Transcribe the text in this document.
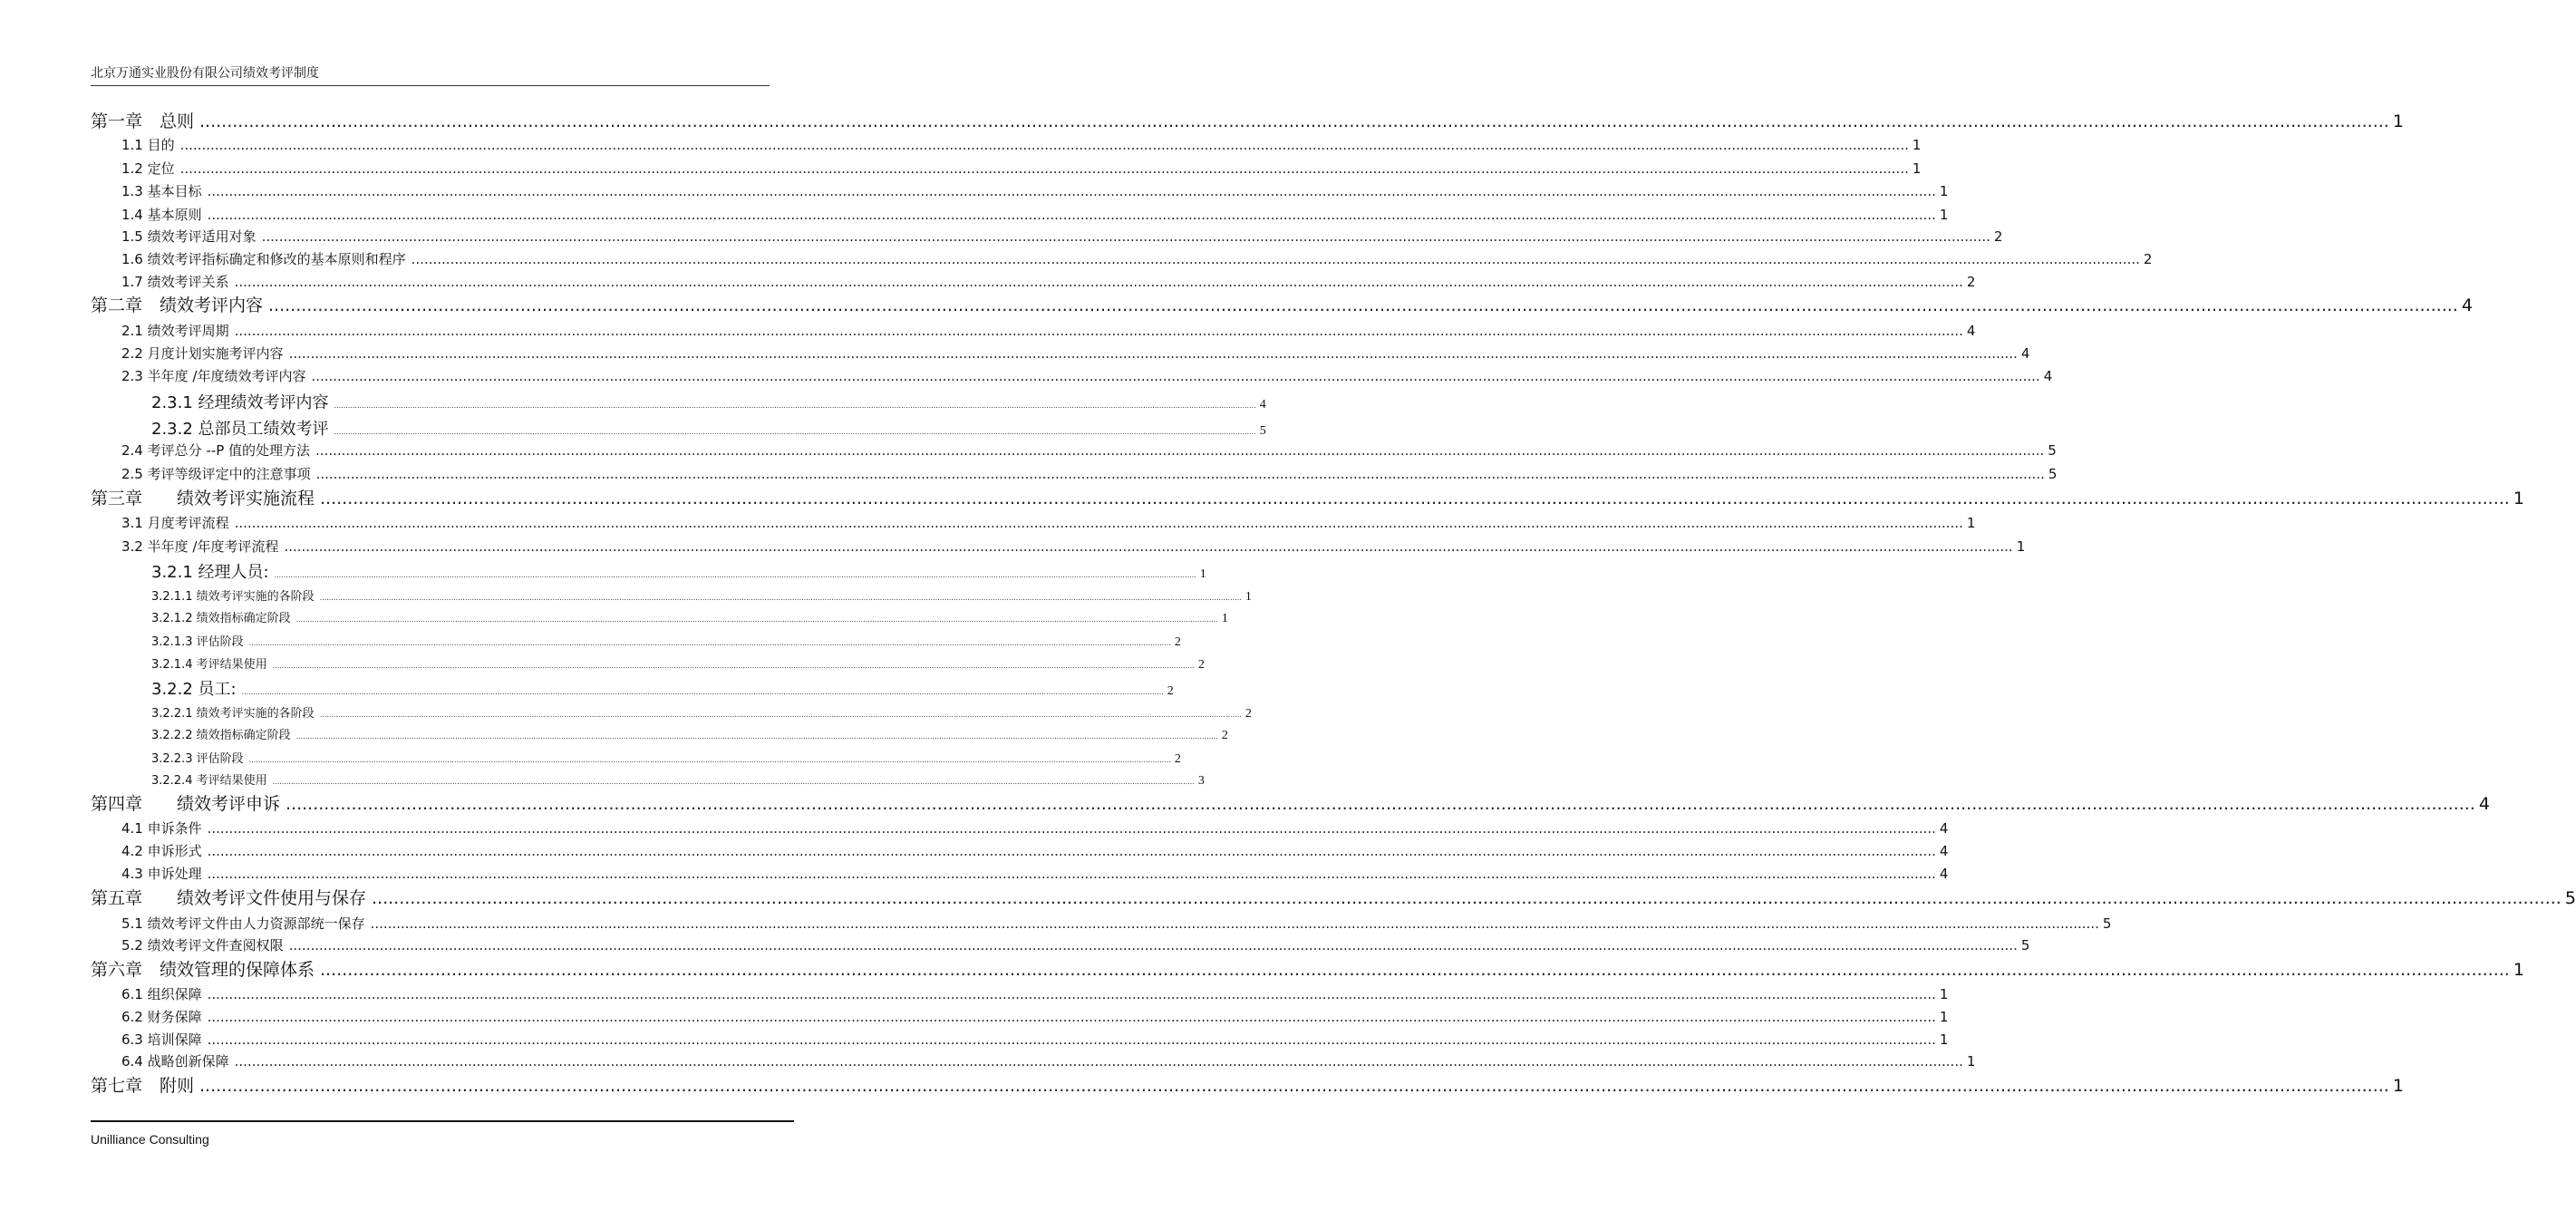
北京万通实业股份有限公司绩效考评制度
第一章　总则 ................................................................................................................................................................................................................................................................................................................................................................................................................ 1
1.1 目的 ................................................................................................................................................................................................................................................................................................................................................................................................................ 1
1.2 定位 ................................................................................................................................................................................................................................................................................................................................................................................................................ 1
1.3 基本目标 ................................................................................................................................................................................................................................................................................................................................................................................................................ 1
1.4 基本原则 ................................................................................................................................................................................................................................................................................................................................................................................................................ 1
1.5 绩效考评适用对象 ................................................................................................................................................................................................................................................................................................................................................................................................................ 2
1.6 绩效考评指标确定和修改的基本原则和程序 ................................................................................................................................................................................................................................................................................................................................................................................................................ 2
1.7 绩效考评关系 ................................................................................................................................................................................................................................................................................................................................................................................................................ 2
第二章　绩效考评内容 ................................................................................................................................................................................................................................................................................................................................................................................................................ 4
2.1 绩效考评周期 ................................................................................................................................................................................................................................................................................................................................................................................................................ 4
2.2 月度计划实施考评内容 ................................................................................................................................................................................................................................................................................................................................................................................................................ 4
2.3 半年度 /年度绩效考评内容 ................................................................................................................................................................................................................................................................................................................................................................................................................ 4
2.3.1 经理绩效考评内容 ................................................................................................................................................................................................................................................................................................................................................................................................................ 4
2.3.2 总部员工绩效考评 ................................................................................................................................................................................................................................................................................................................................................................................................................ 5
2.4 考评总分 --P 值的处理方法 ................................................................................................................................................................................................................................................................................................................................................................................................................ 5
2.5 考评等级评定中的注意事项 ................................................................................................................................................................................................................................................................................................................................................................................................................ 5
第三章　　绩效考评实施流程 ................................................................................................................................................................................................................................................................................................................................................................................................................ 1
3.1 月度考评流程 ................................................................................................................................................................................................................................................................................................................................................................................................................ 1
3.2 半年度 /年度考评流程 ................................................................................................................................................................................................................................................................................................................................................................................................................ 1
3.2.1 经理人员: ................................................................................................................................................................................................................................................................................................................................................................................................................ 1
3.2.1.1 绩效考评实施的各阶段 ................................................................................................................................................................................................................................................................................................................................................................................................................ 1
3.2.1.2 绩效指标确定阶段 ................................................................................................................................................................................................................................................................................................................................................................................................................ 1
3.2.1.3 评估阶段 ................................................................................................................................................................................................................................................................................................................................................................................................................ 2
3.2.1.4 考评结果使用 ................................................................................................................................................................................................................................................................................................................................................................................................................ 2
3.2.2 员工: ................................................................................................................................................................................................................................................................................................................................................................................................................ 2
3.2.2.1 绩效考评实施的各阶段 ................................................................................................................................................................................................................................................................................................................................................................................................................ 2
3.2.2.2 绩效指标确定阶段 ................................................................................................................................................................................................................................................................................................................................................................................................................ 2
3.2.2.3 评估阶段 ................................................................................................................................................................................................................................................................................................................................................................................................................ 2
3.2.2.4 考评结果使用 ................................................................................................................................................................................................................................................................................................................................................................................................................ 3
第四章　　绩效考评申诉 ................................................................................................................................................................................................................................................................................................................................................................................................................ 4
4.1 申诉条件 ................................................................................................................................................................................................................................................................................................................................................................................................................ 4
4.2 申诉形式 ................................................................................................................................................................................................................................................................................................................................................................................................................ 4
4.3 申诉处理 ................................................................................................................................................................................................................................................................................................................................................................................................................ 4
第五章　　绩效考评文件使用与保存 ................................................................................................................................................................................................................................................................................................................................................................................................................ 5
5.1 绩效考评文件由人力资源部统一保存 ................................................................................................................................................................................................................................................................................................................................................................................................................ 5
5.2 绩效考评文件查阅权限 ................................................................................................................................................................................................................................................................................................................................................................................................................ 5
第六章　绩效管理的保障体系 ................................................................................................................................................................................................................................................................................................................................................................................................................ 1
6.1 组织保障 ................................................................................................................................................................................................................................................................................................................................................................................................................ 1
6.2 财务保障 ................................................................................................................................................................................................................................................................................................................................................................................................................ 1
6.3 培训保障 ................................................................................................................................................................................................................................................................................................................................................................................................................ 1
6.4 战略创新保障 ................................................................................................................................................................................................................................................................................................................................................................................................................ 1
第七章　附则 ................................................................................................................................................................................................................................................................................................................................................................................................................ 1
Unilliance Consulting
